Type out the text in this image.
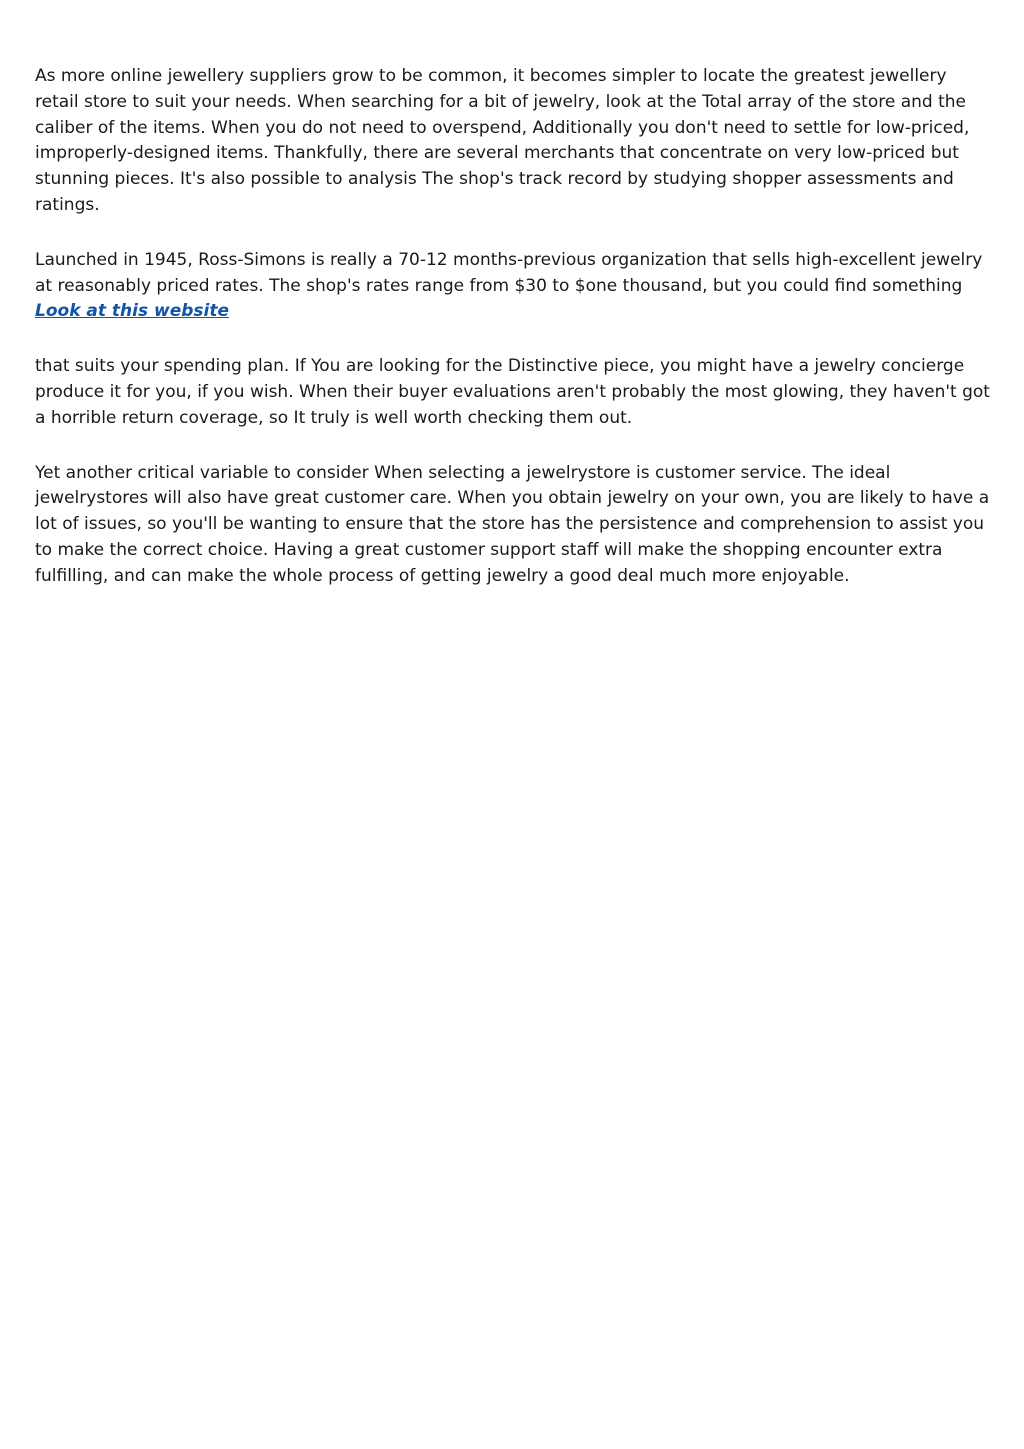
As more online jewellery suppliers grow to be common, it becomes simpler to locate the greatest jewellery retail store to suit your needs. When searching for a bit of jewelry, look at the Total array of the store and the caliber of the items. When you do not need to overspend, Additionally you don't need to settle for low-priced, improperly-designed items. Thankfully, there are several merchants that concentrate on very low-priced but stunning pieces. It's also possible to analysis The shop's track record by studying shopper assessments and ratings.

Launched in 1945, Ross-Simons is really a 70-12 months-previous organization that sells high-excellent jewelry at reasonably priced rates. The shop's rates range from $30 to $one thousand, but you could find something Look at this website

that suits your spending plan. If You are looking for the Distinctive piece, you might have a jewelry concierge produce it for you, if you wish. When their buyer evaluations aren't probably the most glowing, they haven't got a horrible return coverage, so It truly is well worth checking them out.

Yet another critical variable to consider When selecting a jewelrystore is customer service. The ideal jewelrystores will also have great customer care. When you obtain jewelry on your own, you are likely to have a lot of issues, so you'll be wanting to ensure that the store has the persistence and comprehension to assist you to make the correct choice. Having a great customer support staff will make the shopping encounter extra fulfilling, and can make the whole process of getting jewelry a good deal much more enjoyable.
